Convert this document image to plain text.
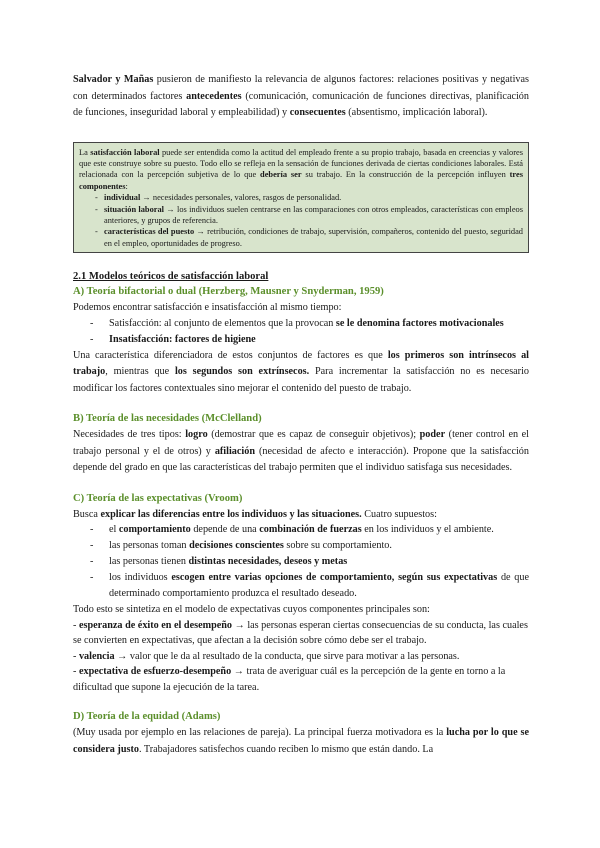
Salvador y Mañas pusieron de manifiesto la relevancia de algunos factores: relaciones positivas y negativas con determinados factores antecedentes (comunicación, comunicación de funciones directivas, planificación de funciones, inseguridad laboral y empleabilidad) y consecuentes (absentismo, implicación laboral).

La satisfacción laboral puede ser entendida como la actitud del empleado frente a su propio trabajo, basada en creencias y valores que este construye sobre su puesto. Todo ello se refleja en la sensación de funciones derivada de ciertas condiciones laborales. Está relacionada con la percepción subjetiva de lo que debería ser su trabajo. En la construcción de la percepción influyen tres componentes:
- individual → necesidades personales, valores, rasgos de personalidad.
- situación laboral → los individuos suelen centrarse en las comparaciones con otros empleados, características con empleos anteriores, y grupos de referencia.
- características del puesto → retribución, condiciones de trabajo, supervisión, compañeros, contenido del puesto, seguridad en el empleo, oportunidades de progreso.
2.1 Modelos teóricos de satisfacción laboral
A) Teoría bifactorial o dual (Herzberg, Mausner y Snyderman, 1959)

Podemos encontrar satisfacción e insatisfacción al mismo tiempo:

- Satisfacción: al conjunto de elementos que la provocan se le denomina factores motivacionales
- Insatisfacción: factores de higiene

Una característica diferenciadora de estos conjuntos de factores es que los primeros son intrínsecos al trabajo, mientras que los segundos son extrínsecos. Para incrementar la satisfacción no es necesario modificar los factores contextuales sino mejorar el contenido del puesto de trabajo.

B) Teoría de las necesidades (McClelland)

Necesidades de tres tipos: logro (demostrar que es capaz de conseguir objetivos); poder (tener control en el trabajo personal y el de otros) y afiliación (necesidad de afecto e interacción). Propone que la satisfacción depende del grado en que las características del trabajo permiten que el individuo satisfaga sus necesidades.

C) Teoría de las expectativas (Vroom)

Busca explicar las diferencias entre los individuos y las situaciones. Cuatro supuestos:

- el comportamiento depende de una combinación de fuerzas en los individuos y el ambiente.
- las personas toman decisiones conscientes sobre su comportamiento.
- las personas tienen distintas necesidades, deseos y metas
- los individuos escogen entre varias opciones de comportamiento, según sus expectativas de que determinado comportamiento produzca el resultado deseado.

Todo esto se sintetiza en el modelo de expectativas cuyos componentes principales son:

- esperanza de éxito en el desempeño → las personas esperan ciertas consecuencias de su conducta, las cuales se convierten en expectativas, que afectan a la decisión sobre cómo debe ser el trabajo.

- valencia → valor que le da al resultado de la conducta, que sirve para motivar a las personas.

- expectativa de esfuerzo-desempeño → trata de averiguar cuál es la percepción de la gente en torno a la dificultad que supone la ejecución de la tarea.

D) Teoría de la equidad (Adams)

(Muy usada por ejemplo en las relaciones de pareja). La principal fuerza motivadora es la lucha por lo que se considera justo. Trabajadores satisfechos cuando reciben lo mismo que están dando. La
